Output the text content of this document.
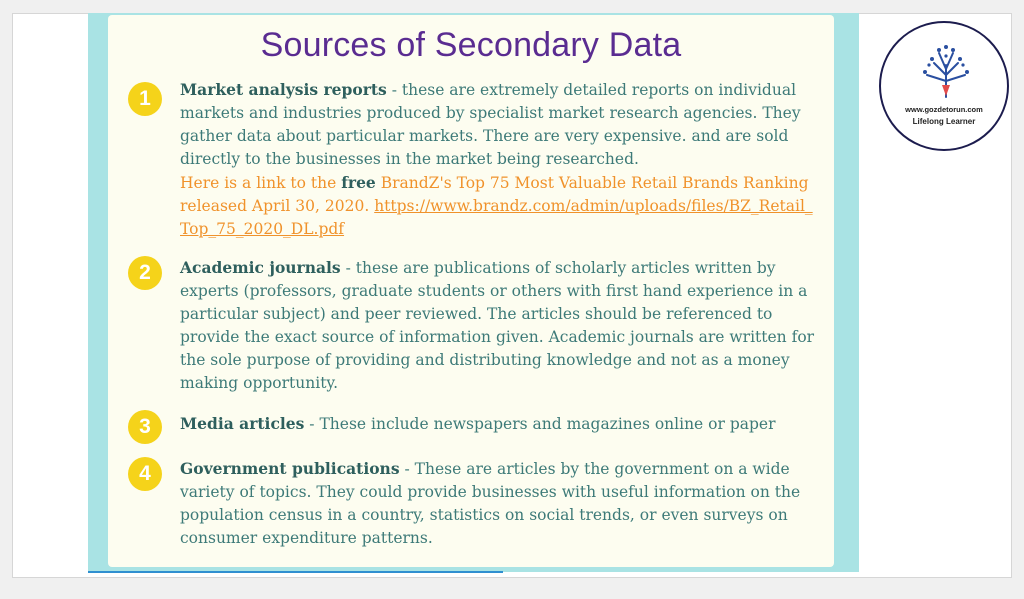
Sources of Secondary Data
1	Market analysis reports - these are extremely detailed reports on individual markets and industries produced by specialist market research agencies. They gather data about particular markets. There are very expensive. and are sold directly to the businesses in the market being researched.
Here is a link to the free BrandZ's Top 75 Most Valuable Retail Brands Ranking released April 30, 2020. https://www.brandz.com/admin/uploads/files/BZ_Retail_Top_75_2020_DL.pdf

2	Academic journals - these are publications of scholarly articles written by experts (professors, graduate students or others with first hand experience in a particular subject) and peer reviewed. The articles should be referenced to provide the exact source of information given. Academic journals are written for the sole purpose of providing and distributing knowledge and not as a money making opportunity.

3	Media articles - These include newspapers and magazines online or paper

4	Government publications - These are articles by the government on a wide variety of topics. They could provide businesses with useful information on the population census in a country, statistics on social trends, or even surveys on consumer expenditure patterns.

www.gozdetorun.com
Lifelong Learner
